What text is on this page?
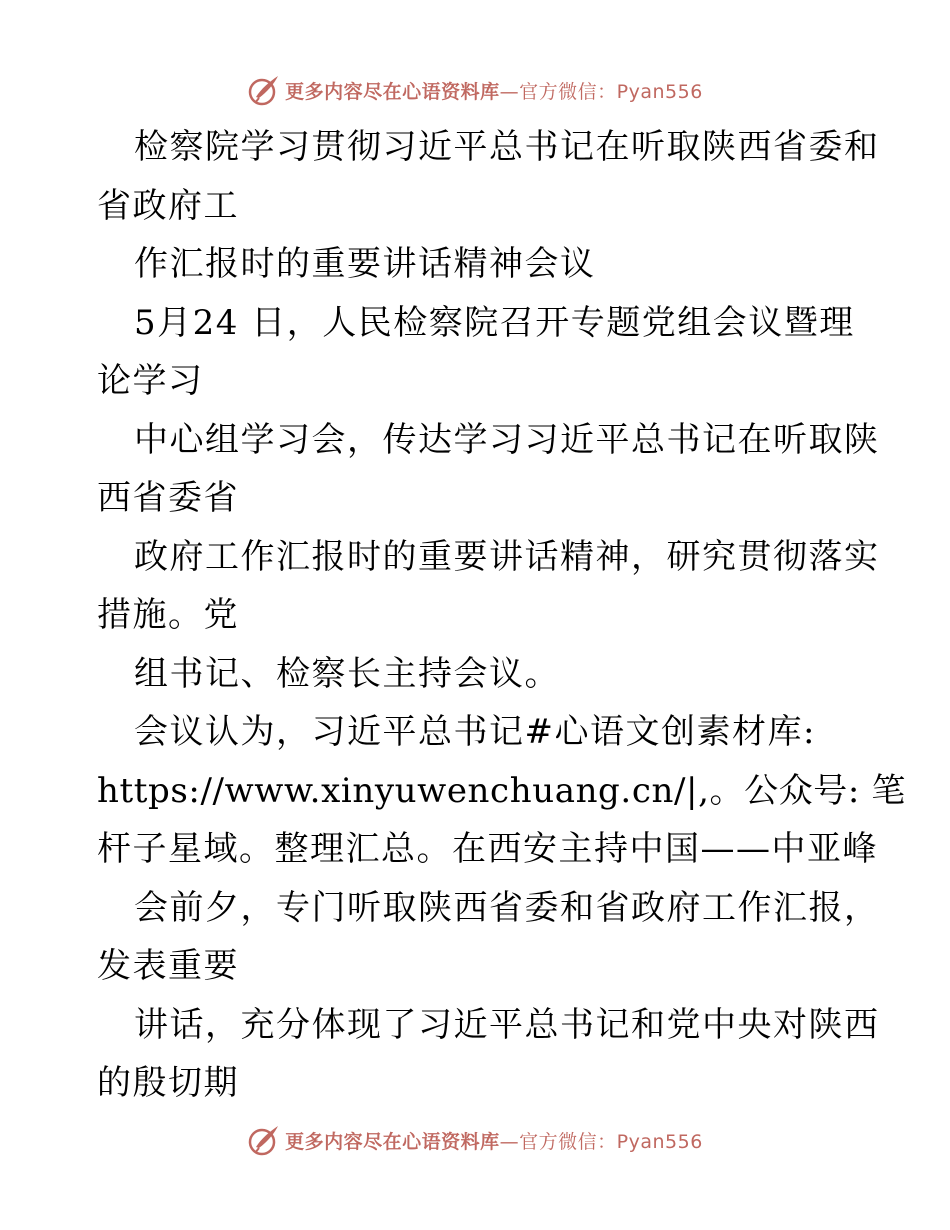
更多内容尽在心语资料库—官方微信：Pyan556
检察院学习贯彻习近平总书记在听取陕西省委和
省政府工
作汇报时的重要讲话精神会议
5月24 日，人民检察院召开专题党组会议暨理
论学习
中心组学习会，传达学习习近平总书记在听取陕
西省委省
政府工作汇报时的重要讲话精神，研究贯彻落实
措施。党
组书记、检察长主持会议。
会议认为，习近平总书记#心语文创素材库:
https://www.xinyuwenchuang.cn/|,。公众号: 笔
杆子星域。整理汇总。在西安主持中国——中亚峰
会前夕，专门听取陕西省委和省政府工作汇报，
发表重要
讲话，充分体现了习近平总书记和党中央对陕西
的殷切期
更多内容尽在心语资料库—官方微信：Pyan556
